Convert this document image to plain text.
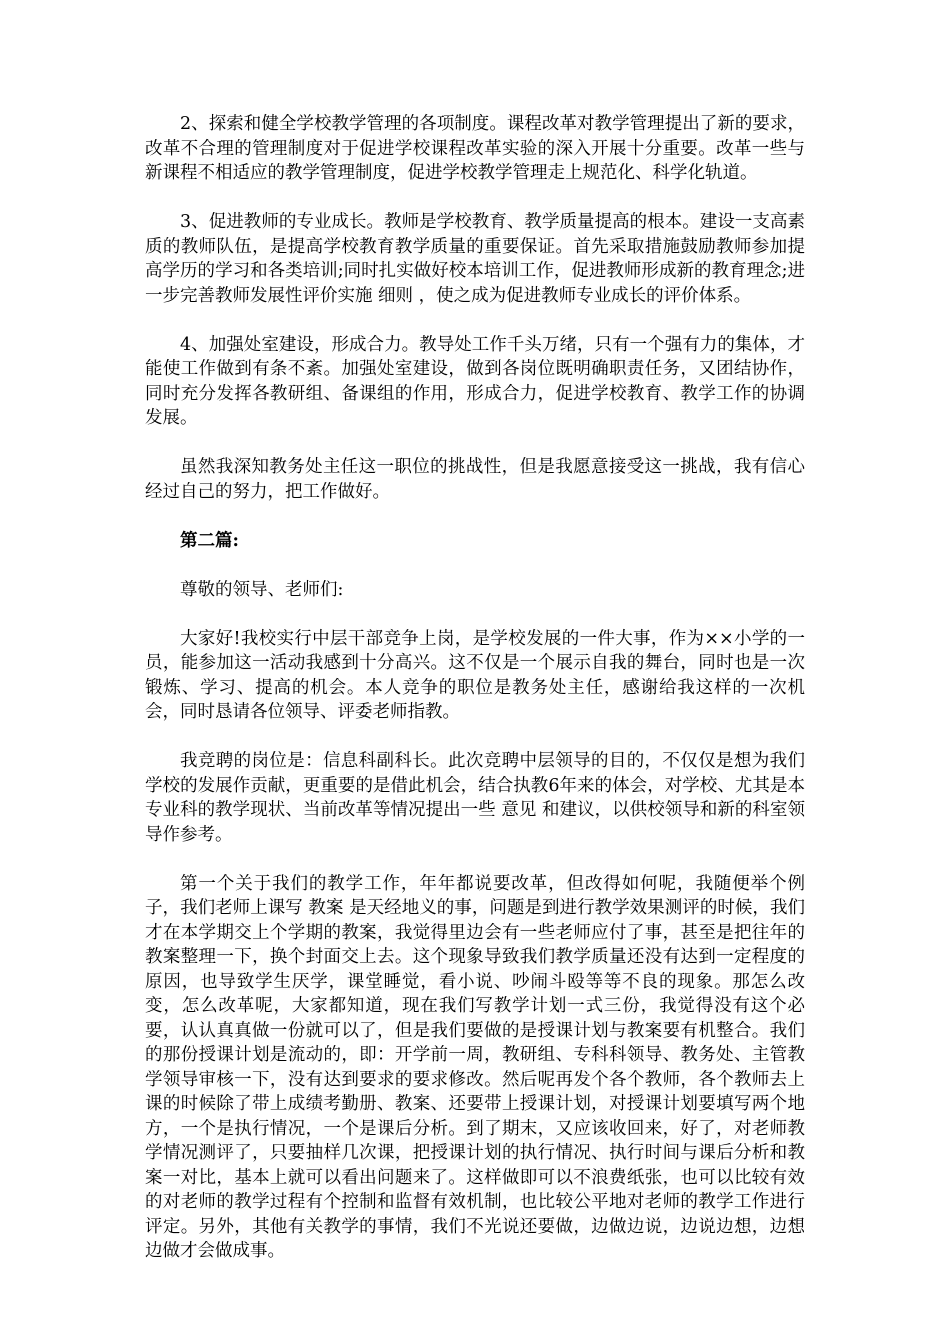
2、探索和健全学校教学管理的各项制度。课程改革对教学管理提出了新的要求，改革不合理的管理制度对于促进学校课程改革实验的深入开展十分重要。改革一些与新课程不相适应的教学管理制度，促进学校教学管理走上规范化、科学化轨道。

3、促进教师的专业成长。教师是学校教育、教学质量提高的根本。建设一支高素质的教师队伍，是提高学校教育教学质量的重要保证。首先采取措施鼓励教师参加提高学历的学习和各类培训;同时扎实做好校本培训工作，促进教师形成新的教育理念;进一步完善教师发展性评价实施 细则 ，使之成为促进教师专业成长的评价体系。

4、加强处室建设，形成合力。教导处工作千头万绪，只有一个强有力的集体，才能使工作做到有条不紊。加强处室建设，做到各岗位既明确职责任务，又团结协作，同时充分发挥各教研组、备课组的作用，形成合力，促进学校教育、教学工作的协调发展。

虽然我深知教务处主任这一职位的挑战性，但是我愿意接受这一挑战，我有信心经过自己的努力，把工作做好。

第二篇:

尊敬的领导、老师们:

大家好!我校实行中层干部竞争上岗，是学校发展的一件大事，作为××小学的一员，能参加这一活动我感到十分高兴。这不仅是一个展示自我的舞台，同时也是一次锻炼、学习、提高的机会。本人竞争的职位是教务处主任，感谢给我这样的一次机会，同时恳请各位领导、评委老师指教。

我竞聘的岗位是：信息科副科长。此次竞聘中层领导的目的，不仅仅是想为我们学校的发展作贡献，更重要的是借此机会，结合执教6年来的体会，对学校、尤其是本专业科的教学现状、当前改革等情况提出一些 意见 和建议，以供校领导和新的科室领导作参考。

第一个关于我们的教学工作，年年都说要改革，但改得如何呢，我随便举个例子，我们老师上课写 教案 是天经地义的事，问题是到进行教学效果测评的时候，我们才在本学期交上个学期的教案，我觉得里边会有一些老师应付了事，甚至是把往年的教案整理一下，换个封面交上去。这个现象导致我们教学质量还没有达到一定程度的原因，也导致学生厌学，课堂睡觉，看小说、吵闹斗殴等等不良的现象。那怎么改变，怎么改革呢，大家都知道，现在我们写教学计划一式三份，我觉得没有这个必要，认认真真做一份就可以了，但是我们要做的是授课计划与教案要有机整合。我们的那份授课计划是流动的，即：开学前一周，教研组、专科科领导、教务处、主管教学领导审核一下，没有达到要求的要求修改。然后呢再发个各个教师，各个教师去上课的时候除了带上成绩考勤册、教案、还要带上授课计划，对授课计划要填写两个地方，一个是执行情况，一个是课后分析。到了期末，又应该收回来，好了，对老师教学情况测评了，只要抽样几次课，把授课计划的执行情况、执行时间与课后分析和教案一对比，基本上就可以看出问题来了。这样做即可以不浪费纸张，也可以比较有效的对老师的教学过程有个控制和监督有效机制，也比较公平地对老师的教学工作进行评定。另外，其他有关教学的事情，我们不光说还要做，边做边说，边说边想，边想边做才会做成事。
